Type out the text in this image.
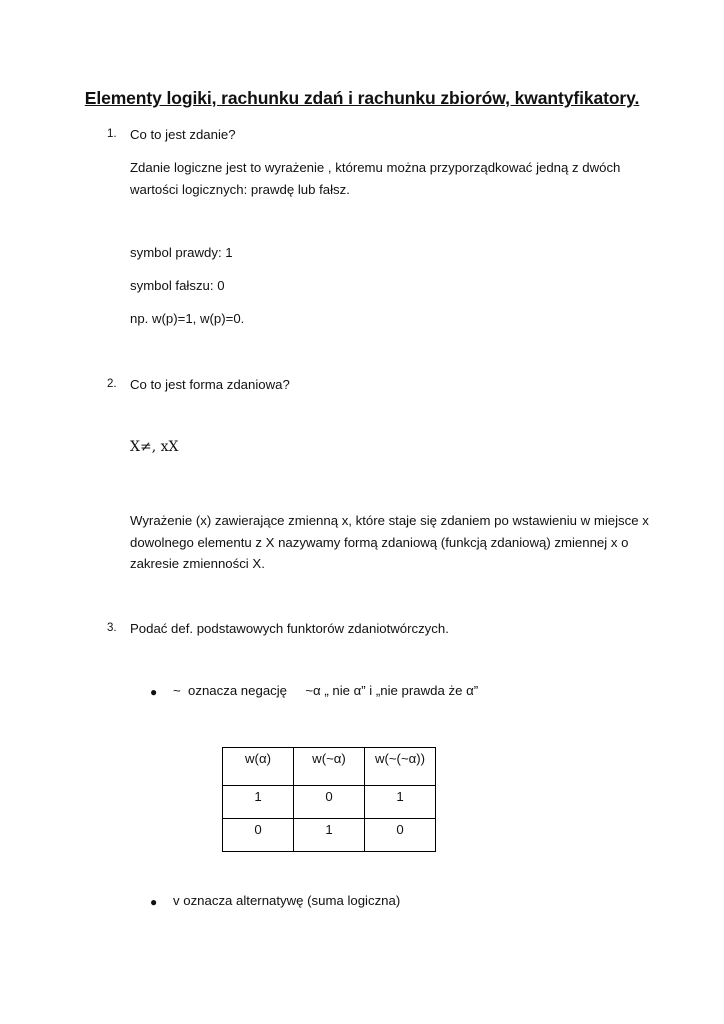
Elementy logiki, rachunku zdań i rachunku zbiorów, kwantyfikatory.
1. Co to jest zdanie?
Zdanie logiczne jest to wyrażenie , któremu można przyporządkować jedną z dwóch wartości logicznych: prawdę lub fałsz.
symbol prawdy: 1
symbol fałszu: 0
np. w(p)=1, w(p)=0.
2. Co to jest forma zdaniowa?
X≠, xX
Wyrażenie (x) zawierające zmienną x, które staje się zdaniem po wstawieniu w miejsce x dowolnego elementu z X nazywamy formą zdaniową (funkcją zdaniową) zmiennej x o zakresie zmienności X.
3. Podać def. podstawowych funktorów zdaniotwórczych.
● ~  oznacza negację     ~α „ nie α” i „nie prawda że α”
w(α)	w(~α)	w(~(~α))
1	0	1
0	1	0
● v oznacza alternatywę (suma logiczna)
